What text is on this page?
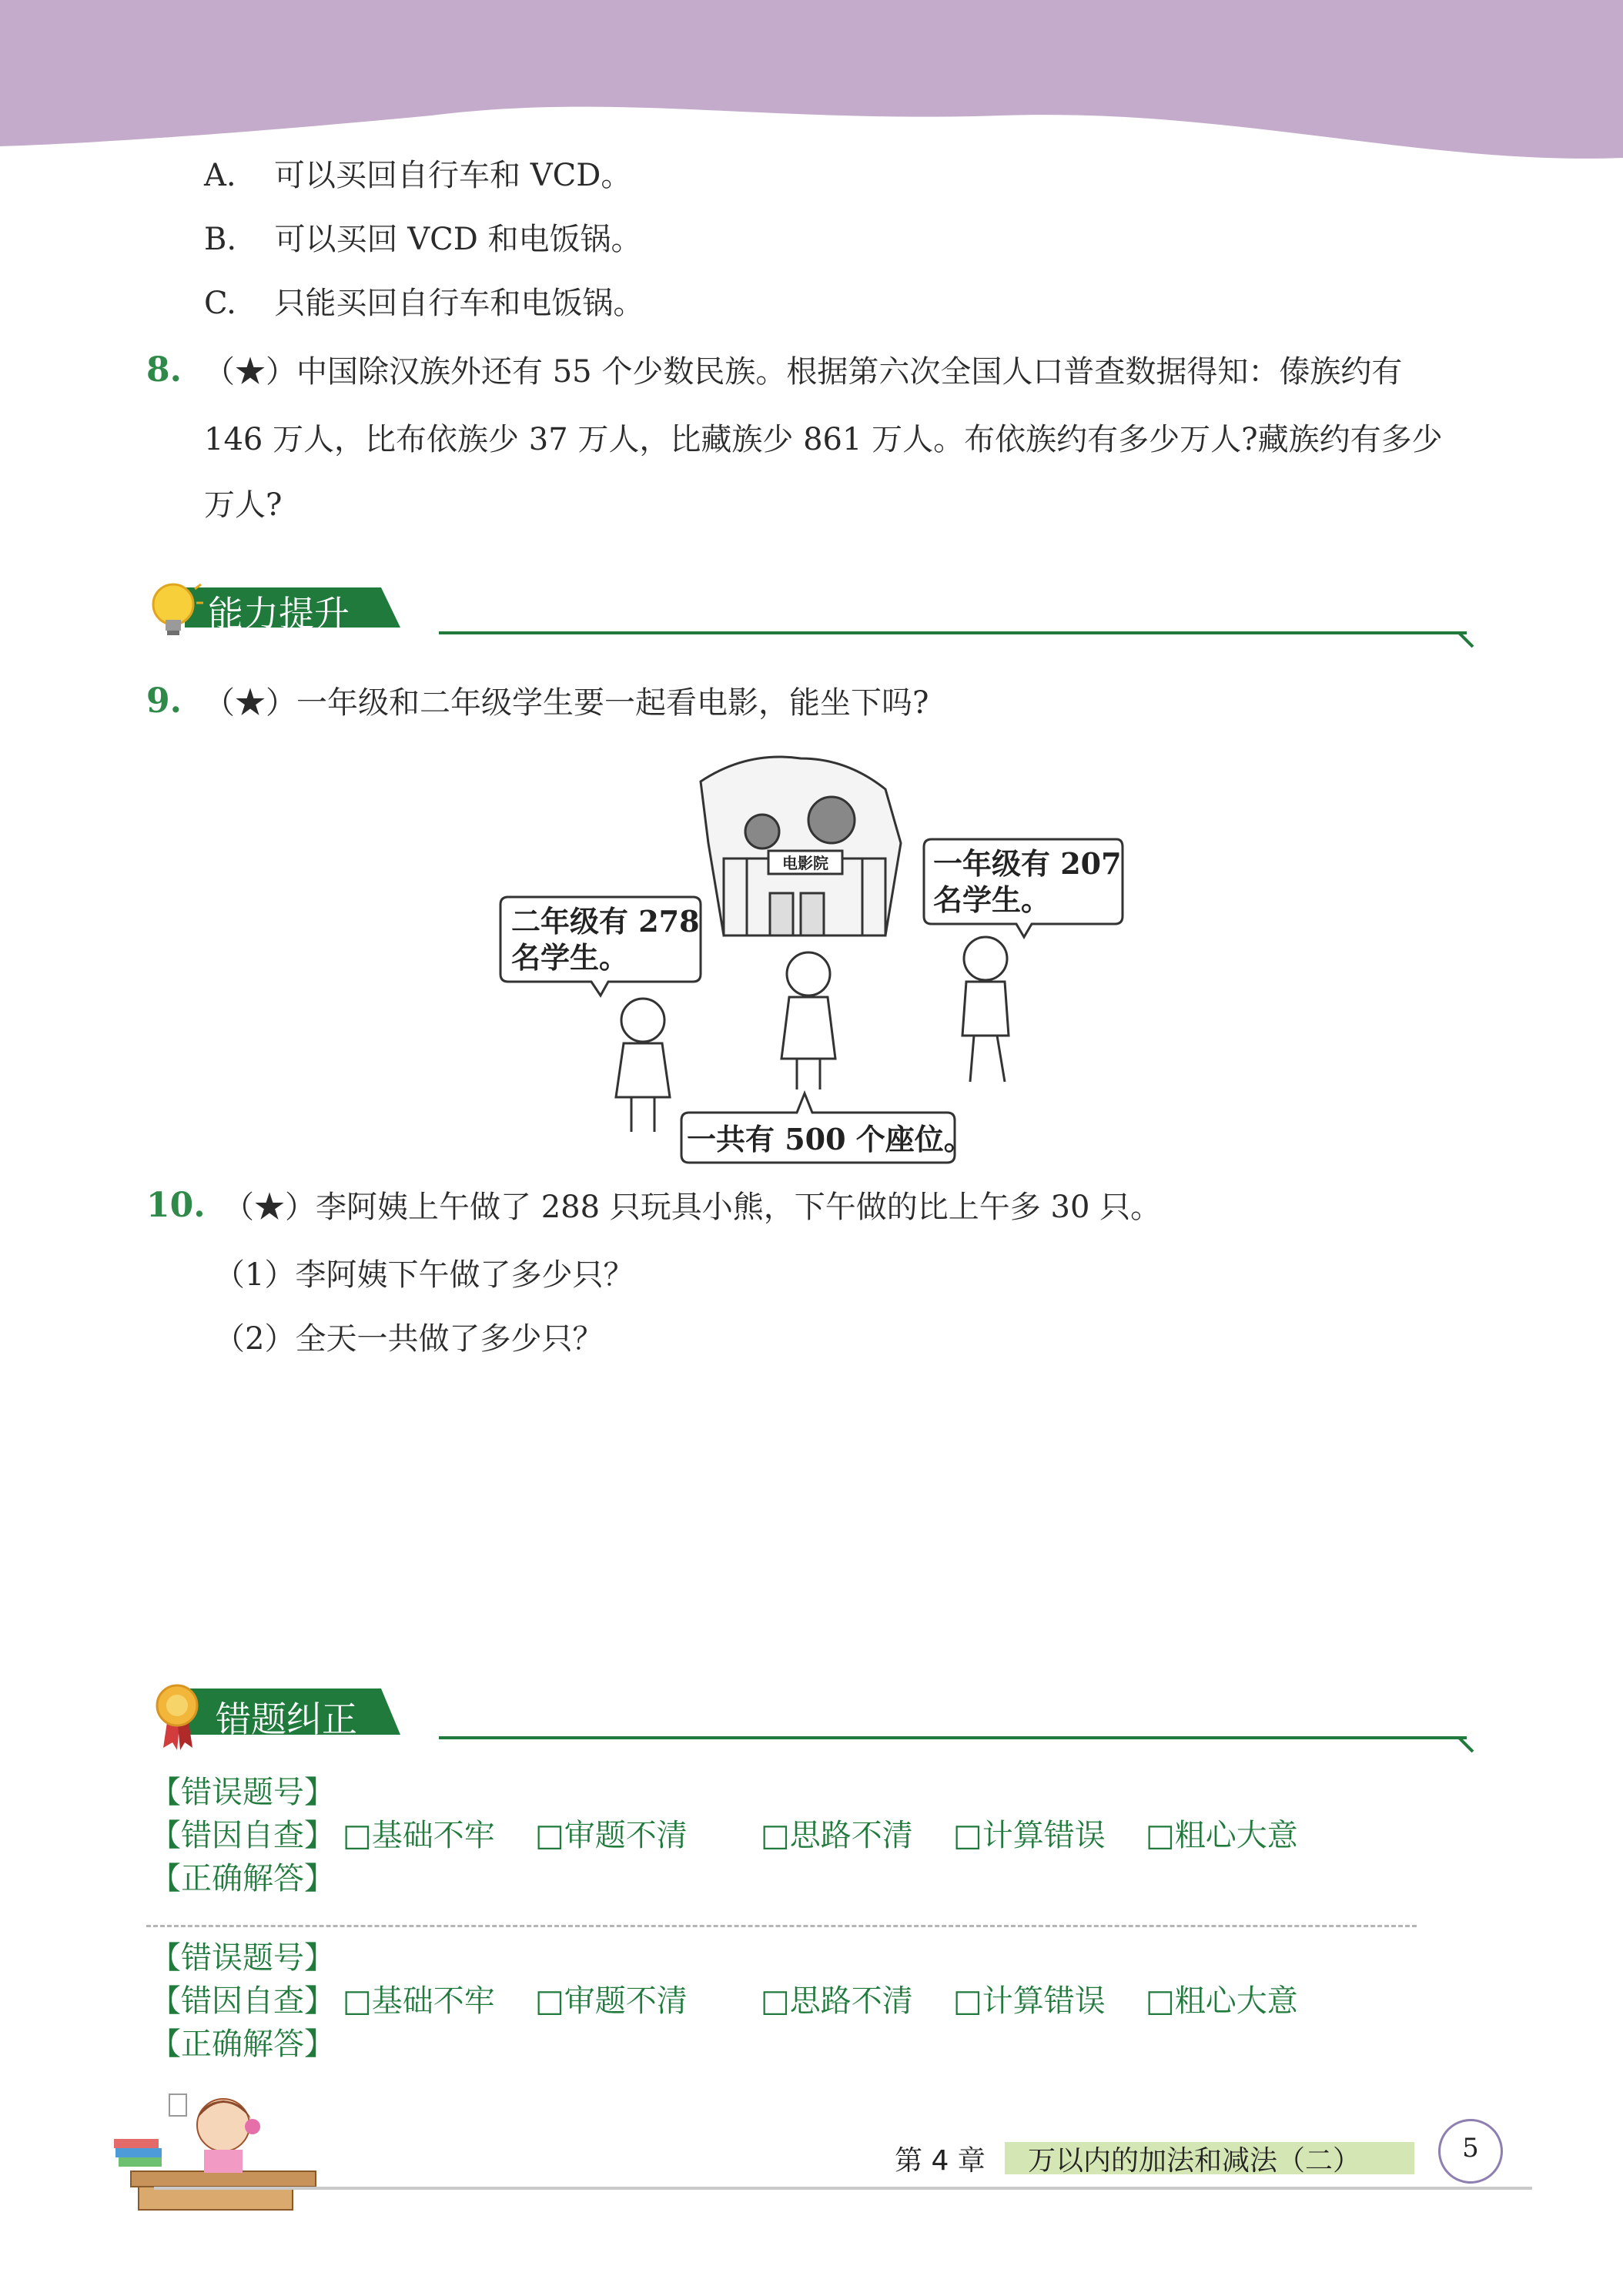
A. 可以买回自行车和 VCD。
B. 可以买回 VCD 和电饭锅。
C. 只能买回自行车和电饭锅。
8. （★）中国除汉族外还有 55 个少数民族。根据第六次全国人口普查数据得知：傣族约有
146 万人，比布依族少 37 万人，比藏族少 861 万人。布依族约有多少万人?藏族约有多少
万人?
能力提升
9. （★）一年级和二年级学生要一起看电影，能坐下吗?
电影院
二年级有 278
名学生。
一年级有 207
名学生。
一共有 500 个座位。
10. （★）李阿姨上午做了 288 只玩具小熊，下午做的比上午多 30 只。
（1）李阿姨下午做了多少只？
（2）全天一共做了多少只？
错题纠正
【错误题号】
【错因自查】 □基础不牢 □审题不清 □思路不清 □计算错误 □粗心大意
【正确解答】
【错误题号】
【错因自查】 □基础不牢 □审题不清 □思路不清 □计算错误 □粗心大意
【正确解答】
第 4 章 万以内的加法和减法（二）	5
